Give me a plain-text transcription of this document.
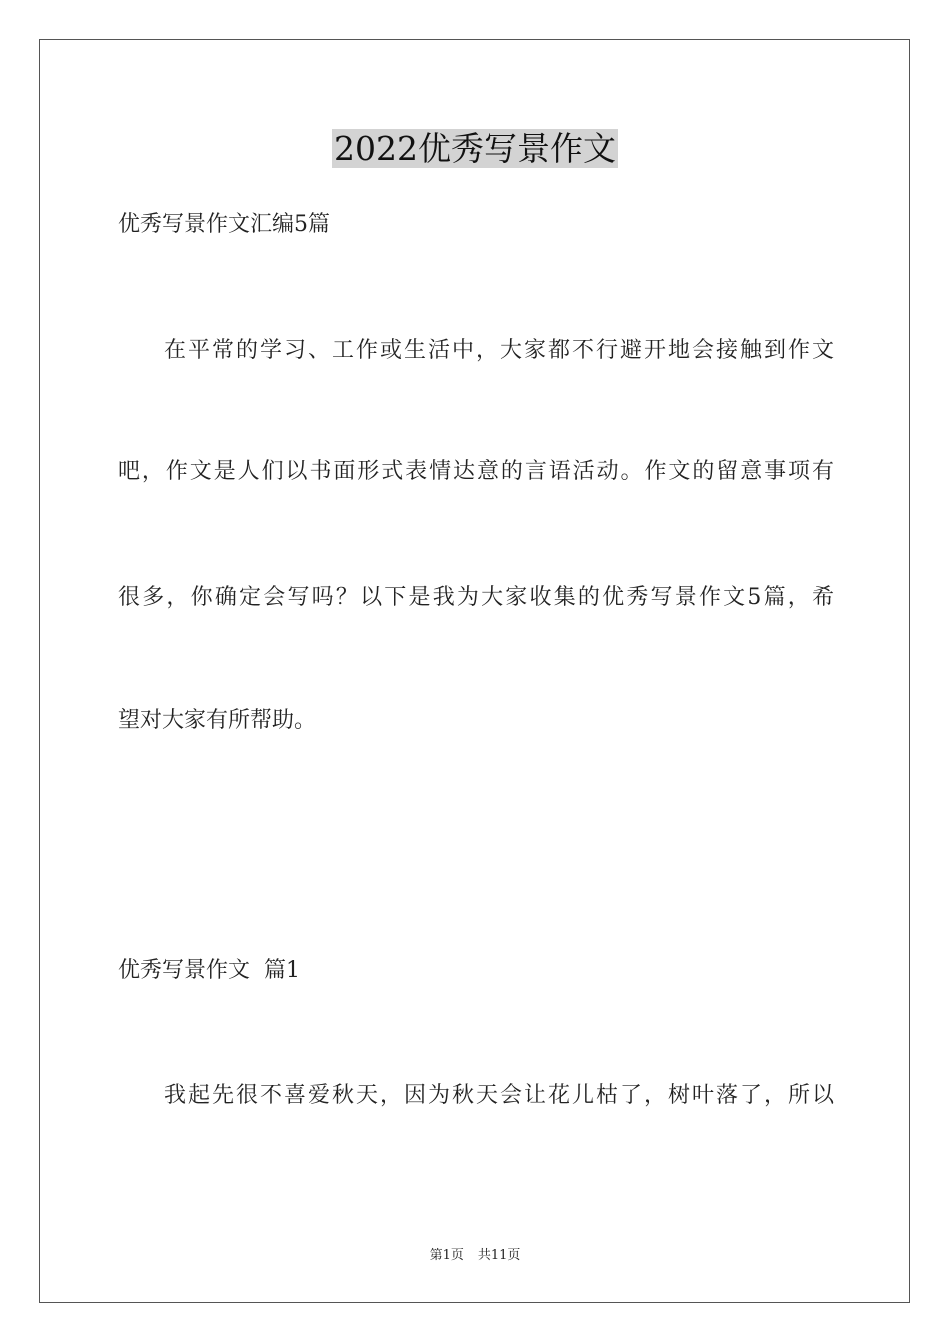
2022优秀写景作文
优秀写景作文汇编5篇
在平常的学习、工作或生活中，大家都不行避开地会接触到作文
吧，作文是人们以书面形式表情达意的言语活动。作文的留意事项有
很多，你确定会写吗？以下是我为大家收集的优秀写景作文5篇，希
望对大家有所帮助。
优秀写景作文  篇1
我起先很不喜爱秋天，因为秋天会让花儿枯了，树叶落了，所以
第1页 共11页
